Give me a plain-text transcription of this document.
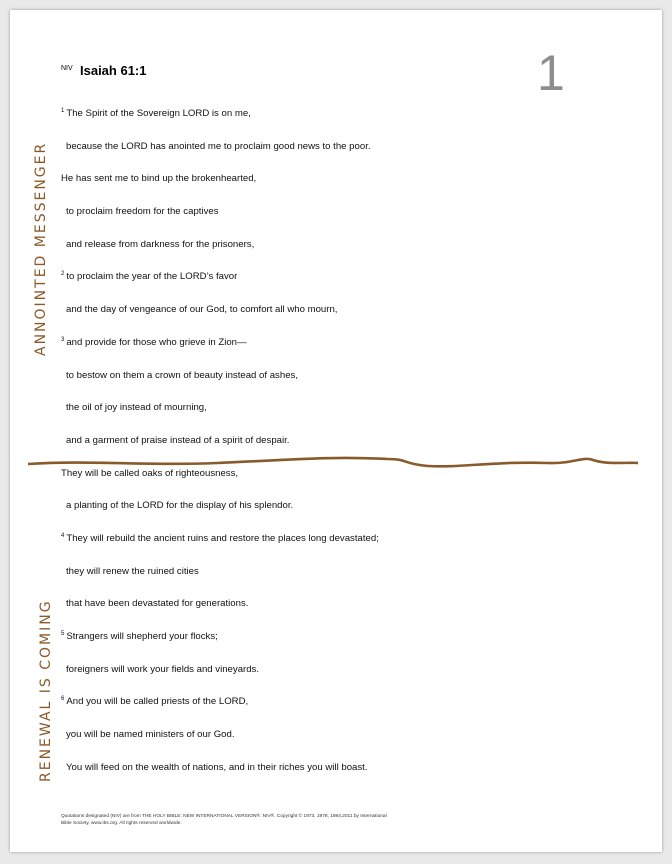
NIV Isaiah 61:1	1
$^1$ The Spirit of the Sovereign LORD is on me,
because the LORD has anointed me to proclaim good news to the poor.
He has sent me to bind up the brokenhearted,
to proclaim freedom for the captives
and release from darkness for the prisoners,
$^2$ to proclaim the year of the LORD’s favor
and the day of vengeance of our God, to comfort all who mourn,
$^3$ and provide for those who grieve in Zion—
to bestow on them a crown of beauty instead of ashes,
the oil of joy instead of mourning,
and a garment of praise instead of a spirit of despair.
They will be called oaks of righteousness,
a planting of the LORD for the display of his splendor.
$^4$ They will rebuild the ancient ruins and restore the places long devastated;
they will renew the ruined cities
that have been devastated for generations.
$^5$ Strangers will shepherd your flocks;
foreigners will work your fields and vineyards.
$^6$ And you will be called priests of the LORD,
you will be named ministers of our God.
You will feed on the wealth of nations, and in their riches you will boast.
ANNOINTED MESSENGER
RENEWAL IS COMING
Quotations designated (NIV) are from THE HOLY BIBLE: NEW INTERNATIONAL VERSION®. NIV®. Copyright © 1973, 1978, 1984,2011 by International Bible Society, www.ibs.org. All rights reserved worldwide.
